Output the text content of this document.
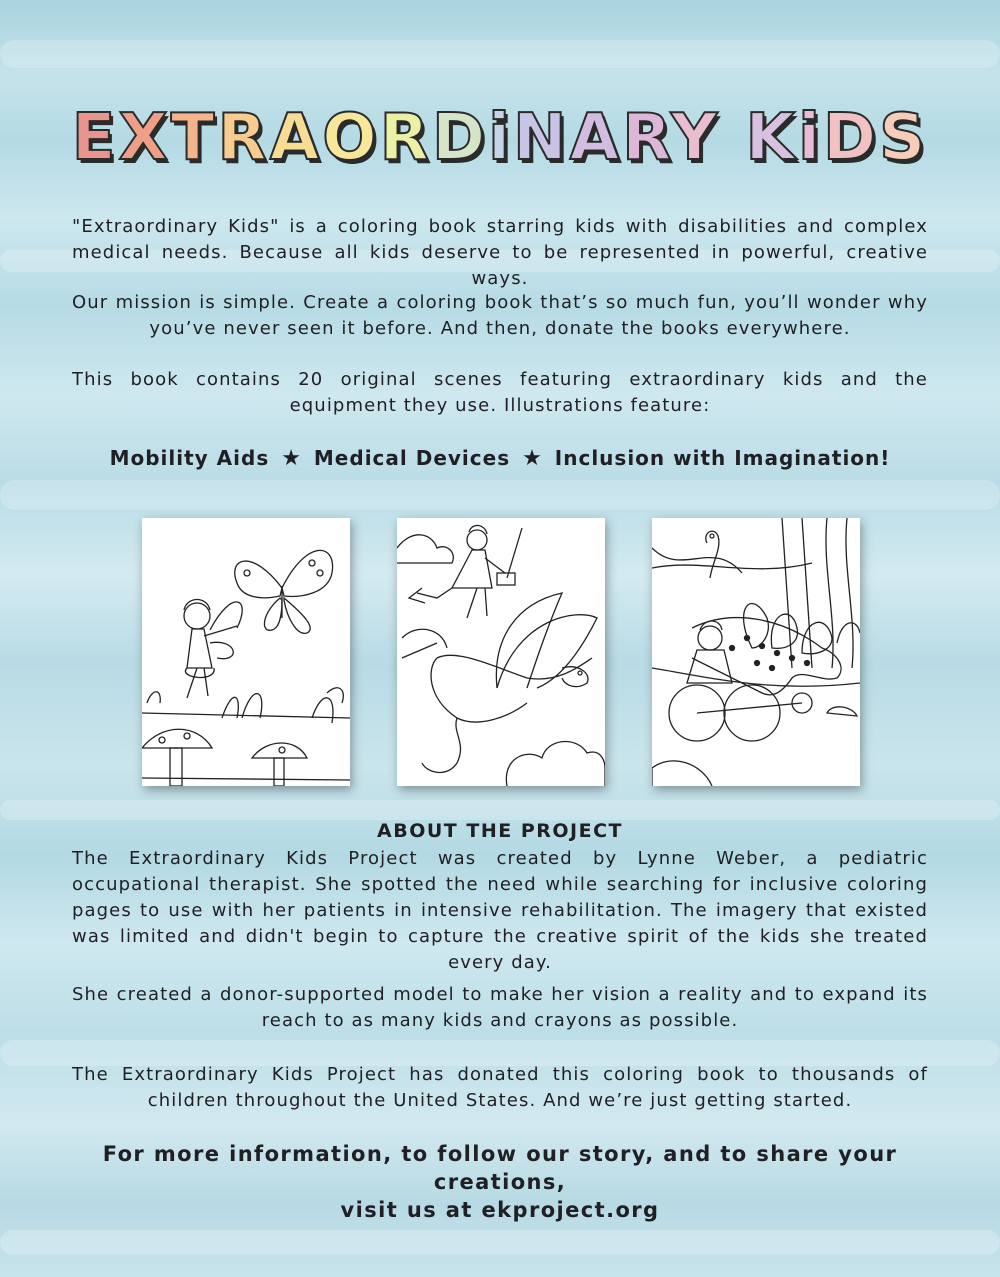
EXTRAORDiNARY KiDS

"Extraordinary Kids" is a coloring book starring kids with disabilities and complex medical needs. Because all kids deserve to be represented in powerful, creative ways.

Our mission is simple. Create a coloring book that’s so much fun, you’ll wonder why you’ve never seen it before. And then, donate the books everywhere.

This book contains 20 original scenes featuring extraordinary kids and the equipment they use. Illustrations feature:

Mobility Aids ★ Medical Devices ★ Inclusion with Imagination!
ABOUT THE PROJECT

The Extraordinary Kids Project was created by Lynne Weber, a pediatric occupational therapist. She spotted the need while searching for inclusive coloring pages to use with her patients in intensive rehabilitation. The imagery that existed was limited and didn't begin to capture the creative spirit of the kids she treated every day.

She created a donor-supported model to make her vision a reality and to expand its reach to as many kids and crayons as possible.

The Extraordinary Kids Project has donated this coloring book to thousands of children throughout the United States. And we’re just getting started.

For more information, to follow our story, and to share your creations,
visit us at ekproject.org
